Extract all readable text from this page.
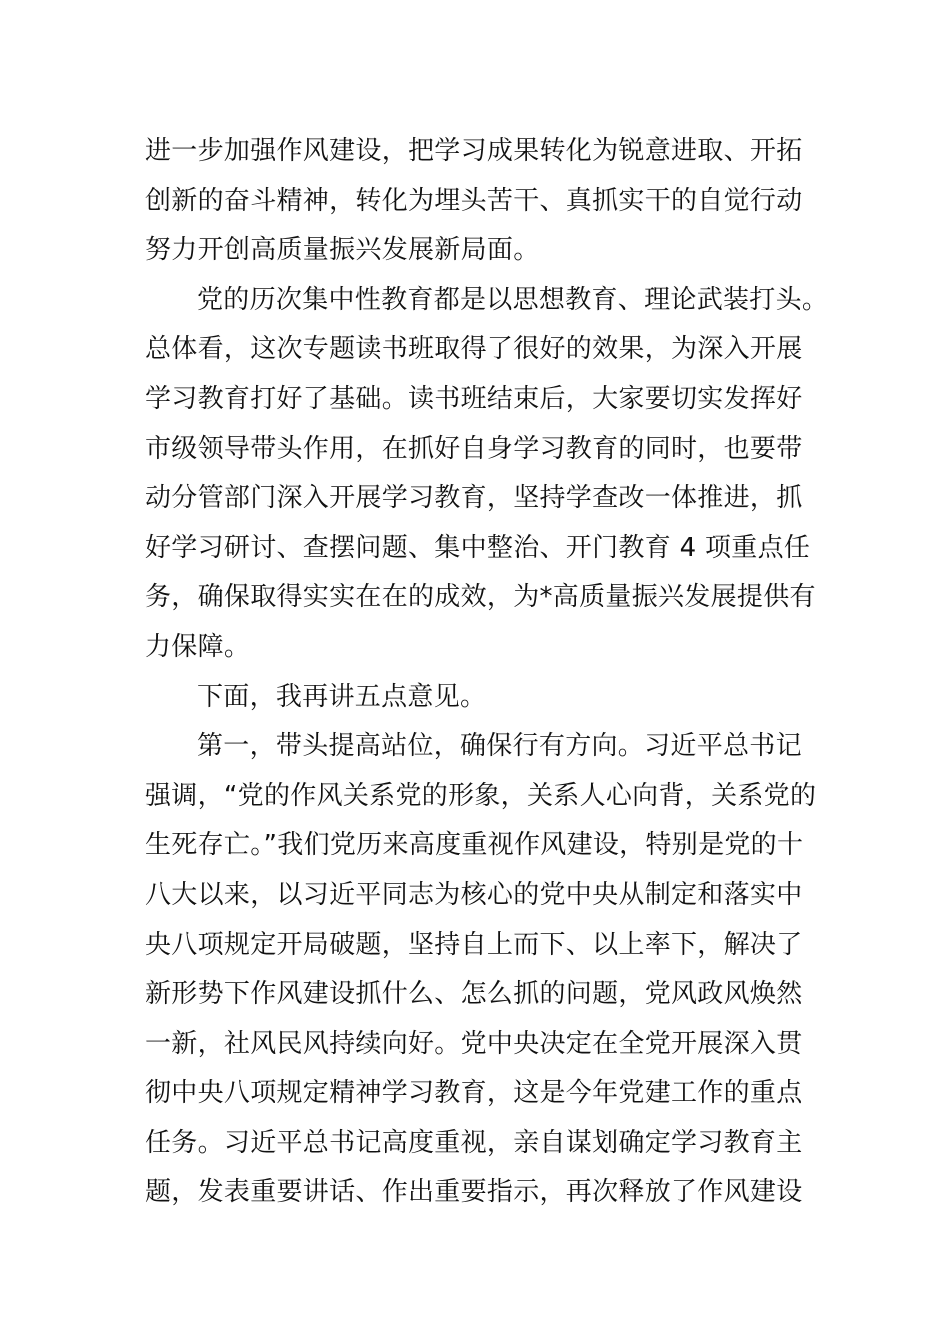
进一步加强作风建设，把学习成果转化为锐意进取、开拓
创新的奋斗精神，转化为埋头苦干、真抓实干的自觉行动
努力开创高质量振兴发展新局面。
党的历次集中性教育都是以思想教育、理论武装打头。
总体看，这次专题读书班取得了很好的效果，为深入开展
学习教育打好了基础。读书班结束后，大家要切实发挥好
市级领导带头作用，在抓好自身学习教育的同时，也要带
动分管部门深入开展学习教育，坚持学查改一体推进，抓
好学习研讨、查摆问题、集中整治、开门教育 4 项重点任
务，确保取得实实在在的成效，为*高质量振兴发展提供有
力保障。
下面，我再讲五点意见。
第一，带头提高站位，确保行有方向。习近平总书记
强调，“党的作风关系党的形象，关系人心向背，关系党的
生死存亡。”我们党历来高度重视作风建设，特别是党的十
八大以来，以习近平同志为核心的党中央从制定和落实中
央八项规定开局破题，坚持自上而下、以上率下，解决了
新形势下作风建设抓什么、怎么抓的问题，党风政风焕然
一新，社风民风持续向好。党中央决定在全党开展深入贯
彻中央八项规定精神学习教育，这是今年党建工作的重点
任务。习近平总书记高度重视，亲自谋划确定学习教育主
题，发表重要讲话、作出重要指示，再次释放了作风建设
